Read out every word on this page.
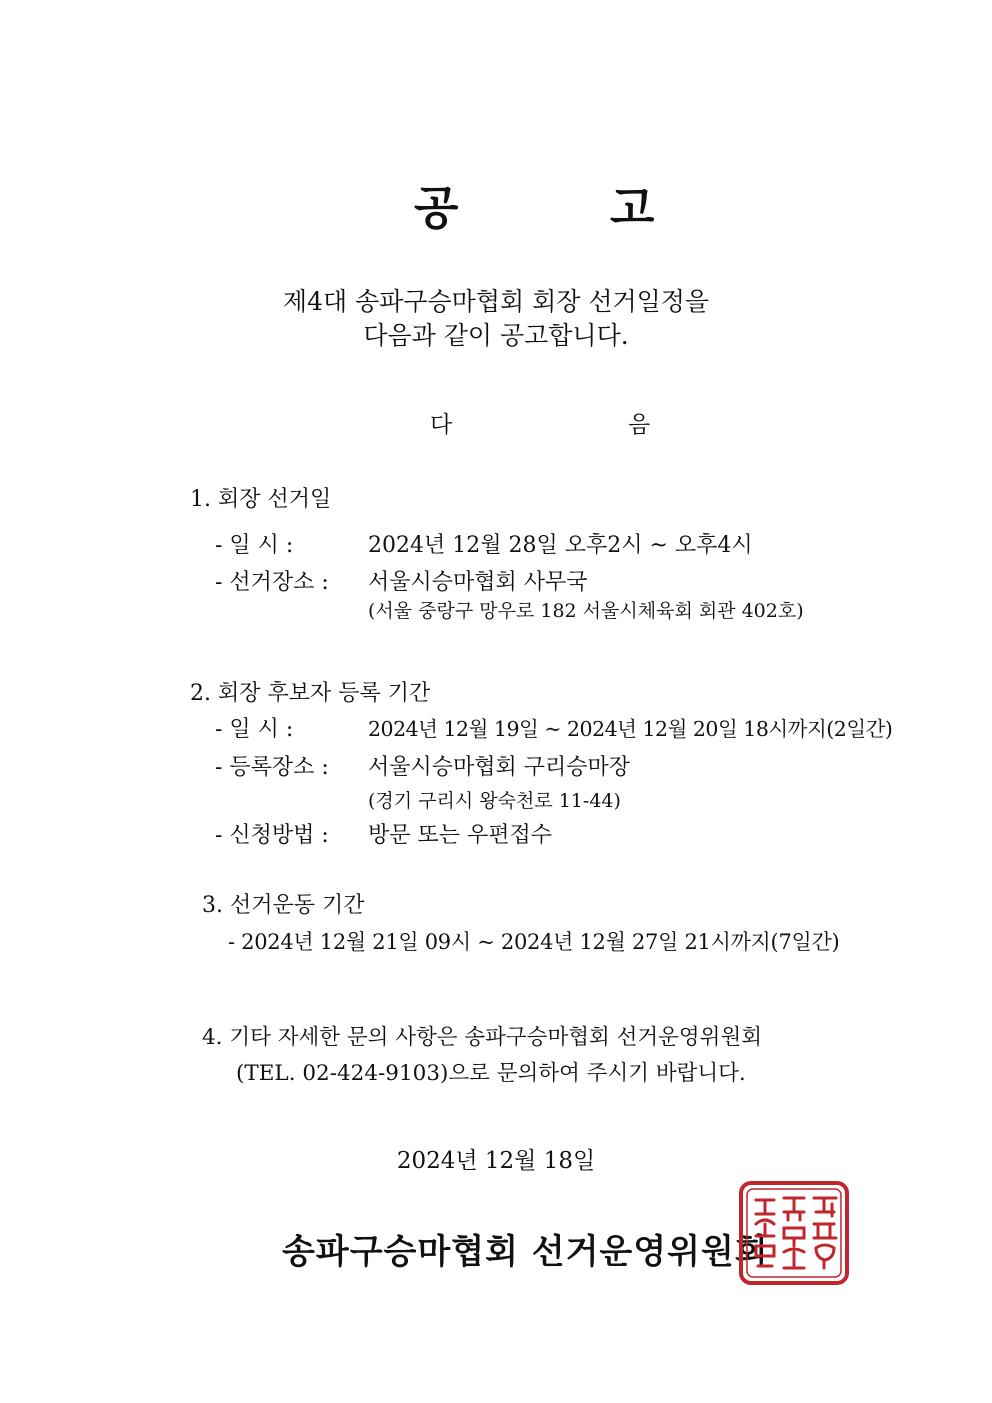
공	고
제4대 송파구승마협회 회장 선거일정을
다음과 같이 공고합니다.
다	음
1. 회장 선거일
- 일 시 :	2024년 12월 28일 오후2시 ~ 오후4시
- 선거장소 : 서울시승마협회 사무국
(서울 중랑구 망우로 182 서울시체육회 회관 402호)
2. 회장 후보자 등록 기간
- 일 시 :	2024년 12월 19일 ~ 2024년 12월 20일 18시까지(2일간)
- 등록장소 : 서울시승마협회 구리승마장
(경기 구리시 왕숙천로 11-44)
- 신청방법 : 방문 또는 우편접수
3. 선거운동 기간
- 2024년 12월 21일 09시 ~ 2024년 12월 27일 21시까지(7일간)
4. 기타 자세한 문의 사항은 송파구승마협회 선거운영위원회
(TEL. 02-424-9103)으로 문의하여 주시기 바랍니다.
2024년 12월 18일
송파구승마협회 선거운영위원회
